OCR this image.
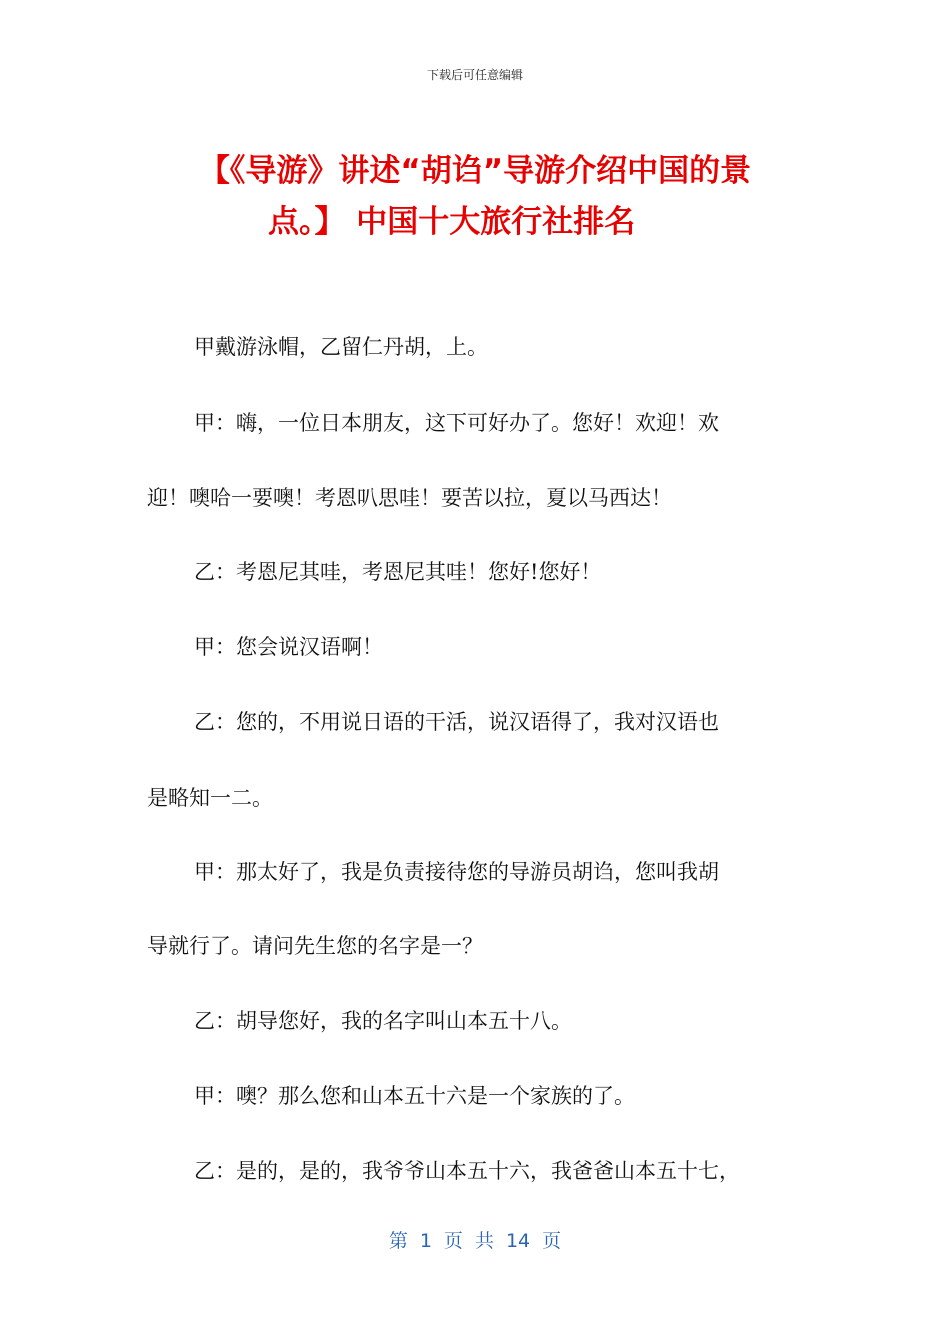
下载后可任意编辑
【《导游》讲述“胡诌”导游介绍中国的景
点。】 中国十大旅行社排名
甲戴游泳帽，乙留仁丹胡，上。
甲：嗨，一位日本朋友，这下可好办了。您好！欢迎！欢
迎！噢哈一要噢！考恩叭思哇！要苦以拉，夏以马西达！
乙：考恩尼其哇，考恩尼其哇！您好!您好！
甲：您会说汉语啊！
乙：您的，不用说日语的干活，说汉语得了，我对汉语也
是略知一二。
甲：那太好了，我是负责接待您的导游员胡诌，您叫我胡
导就行了。请问先生您的名字是一？
乙：胡导您好，我的名字叫山本五十八。
甲：噢？那么您和山本五十六是一个家族的了。
乙：是的，是的，我爷爷山本五十六，我爸爸山本五十七，
第 1 页 共 14 页
